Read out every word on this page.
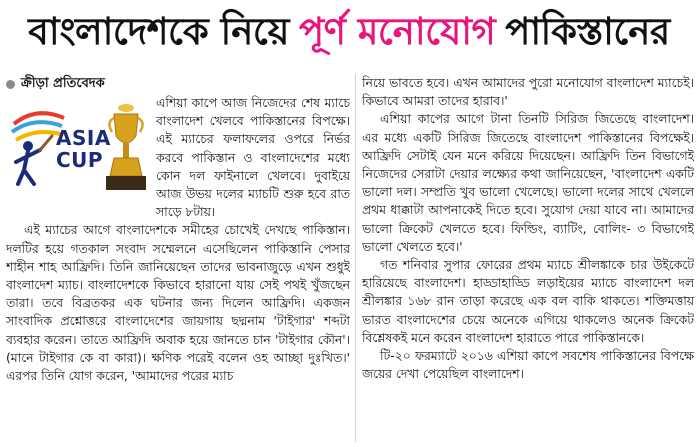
বাংলাদেশকে নিয়ে পূর্ণ মনোযোগ পাকিস্তানের
ক্রীড়া প্রতিবেদক
ASIA
CUP

এশিয়া কাপে আজ নিজেদের শেষ ম্যাচে বাংলাদেশ খেলবে পাকিস্তানের বিপক্ষে। এই ম্যাচের ফলাফলের ওপরে নির্ভর করবে পাকিস্তান ও বাংলাদেশের মধ্যে কোন দল ফাইনালে খেলবে। দুবাইয়ে আজ উভয় দলের ম্যাচটি শুরু হবে রাত সাড়ে ৮টায়।

এই ম্যাচের আগে বাংলাদেশকে সমীহের চোখেই দেখছে পাকিস্তান। দলটির হয়ে গতকাল সংবাদ সম্মেলনে এসেছিলেন পাকিস্তানি পেসার শাহীন শাহ আফ্রিদি। তিনি জানিয়েছেন তাদের ভাবনাজুড়ে এখন শুধুই বাংলাদেশ ম্যাচ। বাংলাদেশকে কিভাবে হারানো যায় সেই পথই খুঁজছেন তারা। তবে বিব্রতকর এক ঘটনার জন্য দিলেন আফ্রিদি। একজন সাংবাদিক প্রশ্নোত্তরে বাংলাদেশের জায়গায় ছদ্মনাম 'টাইগার' শব্দটা ব্যবহার করেন। তাতে আফ্রিদি অবাক হয়ে জানতে চান 'টাইগার কৌন'। (মানে টাইগার কে বা কারা)। ক্ষণিক পরেই বলেন ওহ আচ্ছা দুঃখিত।' এরপর তিনি যোগ করেন, 'আমাদের পরের ম্যাচ

নিয়ে ভাবতে হবে। এখন আমাদের পুরো মনোযোগ বাংলাদেশ ম্যাচেই। কিভাবে আমরা তাদের হারাব।'

এশিয়া কাপের আগে টানা তিনটি সিরিজ জিতেছে বাংলাদেশ। এর মধ্যে একটি সিরিজ জিতেছে বাংলাদেশ পাকিস্তানের বিপক্ষেই। আফ্রিদি সেটাই যেন মনে করিয়ে দিয়েছেন। আফ্রিদি তিন বিভাগেই নিজেদের সেরাটা দেয়ার লক্ষ্যের কথা জানিয়েছেন, 'বাংলাদেশ একটি ভালো দল। সম্প্রতি খুব ভালো খেলেছে। ভালো দলের সাথে খেললে প্রথম ধাক্কাটা আপনাকেই দিতে হবে। সুযোগ দেয়া যাবে না। আমাদের ভালো ক্রিকেট খেলতে হবে। ফিল্ডিং, ব্যাটিং, বোলিং- ৩ বিভাগেই ভালো খেলতে হবে।'

গত শনিবার সুপার ফোরের প্রথম ম্যাচে শ্রীলঙ্কাকে চার উইকেটে হারিয়েছে বাংলাদেশ। হাড্ডাহাড্ডি লড়াইয়ের ম্যাচে বাংলাদেশ দল শ্রীলঙ্কার ১৬৮ রান তাড়া করেছে এক বল বাকি থাকতে। শক্তিমত্তায় ভারত বাংলাদেশের চেয়ে অনেকে এগিয়ে থাকলেও অনেক ক্রিকেট বিশ্লেষকই মনে করেন বাংলাদেশ হারাতে পারে পাকিস্তানকে।

টি-২০ ফরম্যাটে ২০১৬ এশিয়া কাপে সবশেষ পাকিস্তানের বিপক্ষে জয়ের দেখা পেয়েছিল বাংলাদেশ।
